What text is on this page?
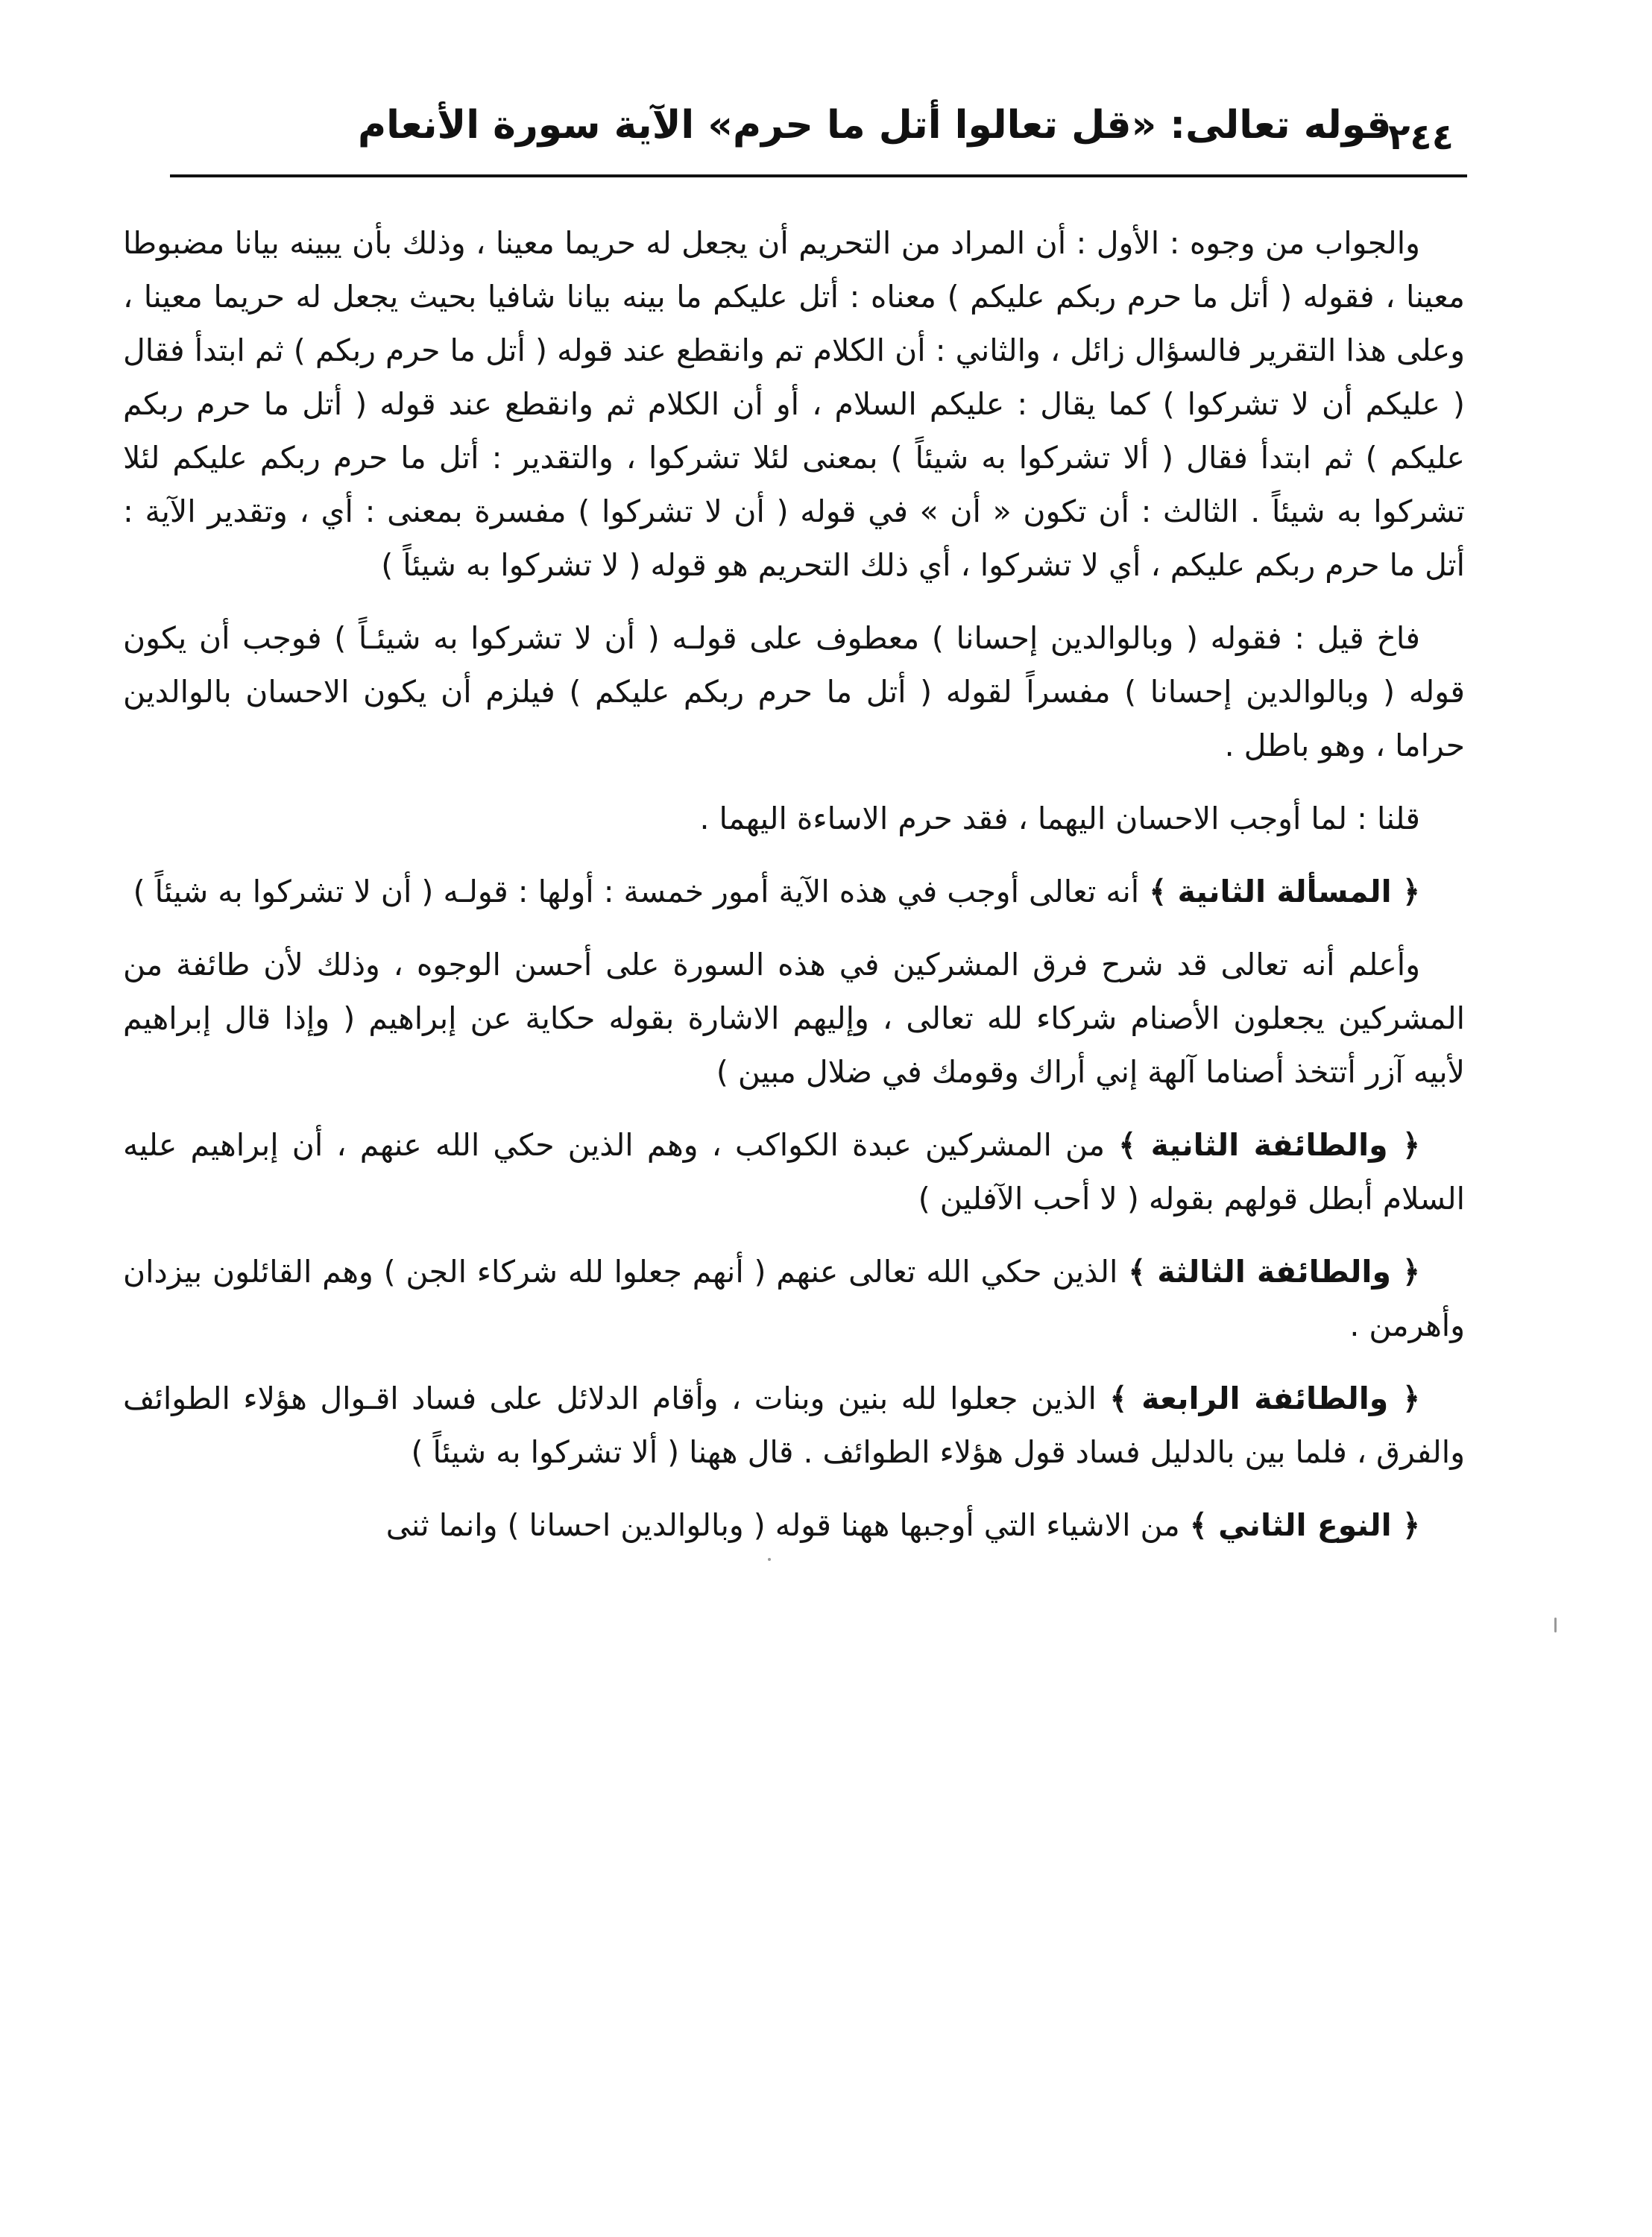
٢٤٤
قوله تعالى: «قل تعالوا أتل ما حرم» الآية سورة الأنعام

والجواب من وجوه : الأول : أن المراد من التحريم أن يجعل له حريما معينا ، وذلك بأن يبينه بيانا مضبوطا معينا ، فقوله ( أتل ما حرم ربكم عليكم ) معناه : أتل عليكم ما بينه بيانا شافيا بحيث يجعل له حريما معينا ، وعلى هذا التقرير فالسؤال زائل ، والثاني : أن الكلام تم وانقطع عند قوله ( أتل ما حرم ربكم ) ثم ابتدأ فقال ( عليكم أن لا تشركوا ) كما يقال : عليكم السلام ، أو أن الكلام ثم وانقطع عند قوله ( أتل ما حرم ربكم عليكم ) ثم ابتدأ فقال ( ألا تشركوا به شيئاً ) بمعنى لئلا تشركوا ، والتقدير : أتل ما حرم ربكم عليكم لئلا تشركوا به شيئاً . الثالث : أن تكون « أن » في قوله ( أن لا تشركوا ) مفسرة بمعنى : أي ، وتقدير الآية : أتل ما حرم ربكم عليكم ، أي لا تشركوا ، أي ذلك التحريم هو قوله ( لا تشركوا به شيئاً )

فاخ قيل : فقوله ( وبالوالدين إحسانا ) معطوف على قولـه ( أن لا تشركوا به شيئـاً ) فوجب أن يكون قوله ( وبالوالدين إحسانا ) مفسراً لقوله ( أتل ما حرم ربكم عليكم ) فيلزم أن يكون الاحسان بالوالدين حراما ، وهو باطل .

قلنا : لما أوجب الاحسان اليهما ، فقد حرم الاساءة اليهما .

﴿ المسألة الثانية ﴾ أنه تعالى أوجب في هذه الآية أمور خمسة : أولها : قولـه ( أن لا تشركوا به شيئاً )

وأعلم أنه تعالى قد شرح فرق المشركين في هذه السورة على أحسن الوجوه ، وذلك لأن طائفة من المشركين يجعلون الأصنام شركاء لله تعالى ، وإليهم الاشارة بقوله حكاية عن إبراهيم ( وإذا قال إبراهيم لأبيه آزر أتتخذ أصناما آلهة إني أراك وقومك في ضلال مبين )

﴿ والطائفة الثانية ﴾ من المشركين عبدة الكواكب ، وهم الذين حكي الله عنهم ، أن إبراهيم عليه السلام أبطل قولهم بقوله ( لا أحب الآفلين )

﴿ والطائفة الثالثة ﴾ الذين حكي الله تعالى عنهم ( أنهم جعلوا لله شركاء الجن ) وهم القائلون بيزدان وأهرمن .

﴿ والطائفة الرابعة ﴾ الذين جعلوا لله بنين وبنات ، وأقام الدلائل على فساد اقـوال هؤلاء الطوائف والفرق ، فلما بين بالدليل فساد قول هؤلاء الطوائف . قال ههنا ( ألا تشركوا به شيئاً )

﴿ النوع الثاني ﴾ من الاشياء التي أوجبها ههنا قوله ( وبالوالدين احسانا ) وانما ثنى
